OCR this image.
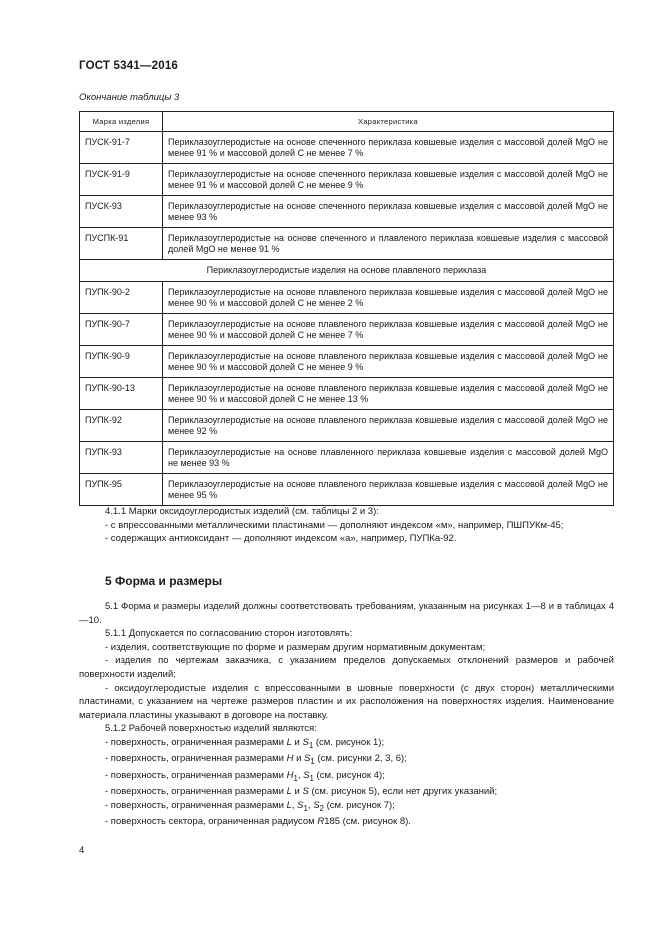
ГОСТ 5341—2016
Окончание таблицы 3
Марка изделия	Характеристика
ПУСК-91-7	Периклазоуглеродистые на основе спеченного периклаза ковшевые изделия с массовой долей MgO не менее 91 % и массовой долей C не менее 7 %
ПУСК-91-9	Периклазоуглеродистые на основе спеченного периклаза ковшевые изделия с массовой долей MgO не менее 91 % и массовой долей C не менее 9 %
ПУСК-93	Периклазоуглеродистые на основе спеченного периклаза ковшевые изделия с массовой долей MgO не менее 93 %
ПУСПК-91	Периклазоуглеродистые на основе спеченного и плавленого периклаза ковшевые изделия с массовой долей MgO не менее 91 %
Периклазоуглеродистые изделия на основе плавленого периклаза	
ПУПК-90-2	Периклазоуглеродистые на основе плавленого периклаза ковшевые изделия с массовой долей MgO не менее 90 % и массовой долей C не менее 2 %
ПУПК-90-7	Периклазоуглеродистые на основе плавленого периклаза ковшевые изделия с массовой долей MgO не менее 90 % и массовой долей C не менее 7 %
ПУПК-90-9	Периклазоуглеродистые на основе плавленого периклаза ковшевые изделия с массовой долей MgO не менее 90 % и массовой долей C не менее 9 %
ПУПК-90-13	Периклазоуглеродистые на основе плавленого периклаза ковшевые изделия с массовой долей MgO не менее 90 % и массовой долей C не менее 13 %
ПУПК-92	Периклазоуглеродистые на основе плавленого периклаза ковшевые изделия с массовой долей MgO не менее 92 %
ПУПК-93	Периклазоуглеродистые на основе плавленного периклаза ковшевые изделия с массовой долей MgO не менее 93 %
ПУПК-95	Периклазоуглеродистые на основе плавленого периклаза ковшевые изделия с массовой долей MgO не менее 95 %

4.1.1 Марки оксидоуглеродистых изделий (см. таблицы 2 и 3):

- с впрессованными металлическими пластинами — дополняют индексом «м», например, ПШПУКм-45;

- содержащих антиоксидант — дополняют индексом «а», например, ПУПКа-92.

5 Форма и размеры

5.1 Форма и размеры изделий должны соответствовать требованиям, указанным на рисунках 1—8 и в таблицах 4—10.

5.1.1 Допускается по согласованию сторон изготовлять:

- изделия, соответствующие по форме и размерам другим нормативным документам;

- изделия по чертежам заказчика, с указанием пределов допускаемых отклонений размеров и рабочей поверхности изделий;

- оксидоуглеродистые изделия с впрессованными в шовные поверхности (с двух сторон) металлическими пластинами, с указанием на чертеже размеров пластин и их расположения на поверхностях изделия. Наименование материала пластины указывают в договоре на поставку.

5.1.2 Рабочей поверхностью изделий являются:

- поверхность, ограниченная размерами L и $S_1$ (см. рисунок 1);

- поверхность, ограниченная размерами H и $S_1$ (см. рисунки 2, 3, 6);

- поверхность, ограниченная размерами $H_1$, $S_1$ (см. рисунок 4);

- поверхность, ограниченная размерами L и S (см. рисунок 5), если нет других указаний;

- поверхность, ограниченная размерами L, $S_1$, $S_2$ (см. рисунок 7);

- поверхность сектора, ограниченная радиусом R185 (см. рисунок 8).

4
